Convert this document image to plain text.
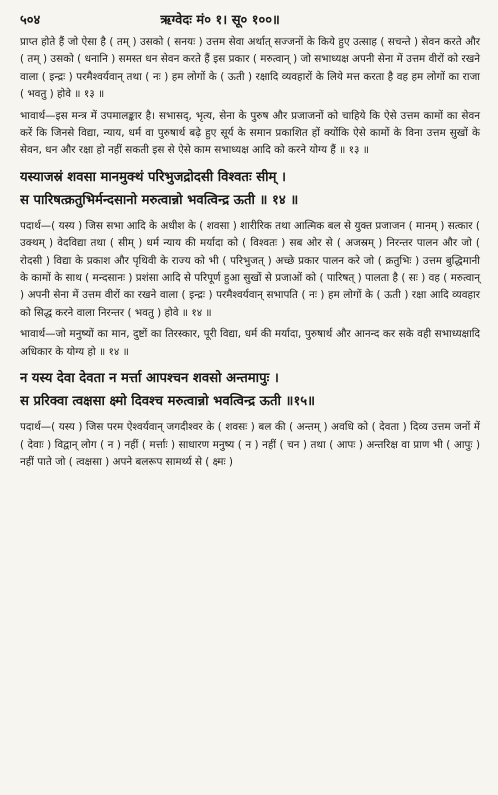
५०४	ऋग्वेदः मं० १। सू० १००॥

प्राप्त होते हैं जो ऐसा है ( तम् ) उसको ( सनयः ) उत्तम सेवा अर्थात् सज्जनों के किये हुए उत्साह ( सचन्ते ) सेवन करते और ( तम् ) उसको ( धनानि ) समस्त धन सेवन करते हैं इस प्रकार ( मरुत्वान् ) जो सभाध्यक्ष अपनी सेना में उत्तम वीरों को रखने वाला ( इन्द्रः ) परमैश्वर्यवान् तथा ( नः ) हम लोगों के ( ऊती ) रक्षादि व्यवहारों के लिये मत्त करता है वह हम लोगों का राजा ( भवतु ) होवे ॥ १३ ॥

भावार्थ—इस मन्त्र में उपमालङ्कार है। सभासद्, भृत्य, सेना के पुरुष और प्रजाजनों को चाहिये कि ऐसे उत्तम कामों का सेवन करें कि जिनसे विद्या, न्याय, धर्म वा पुरुषार्थ बढ़े हुए सूर्य के समान प्रकाशित हों क्योंकि ऐसे कामों के विना उत्तम सुखों के सेवन, धन और रक्षा हो नहीं सकती इस से ऐसे काम सभाध्यक्ष आदि को करने योग्य हैं ॥ १३ ॥

यस्याजस्रं शवसा मानमुक्थं परिभुजद्रोदसी विश्वतः सीम् ।
स पारिषत्क्रतुभिर्मन्दसानो मरुत्वान्नो भवत्विन्द्र ऊती ॥ १४ ॥

पदार्थ—( यस्य ) जिस सभा आदि के अधीश के ( शवसा ) शारीरिक तथा आत्मिक बल से युक्त प्रजाजन ( मानम् ) सत्कार ( उक्थम् ) वेदविद्या तथा ( सीम् ) धर्म न्याय की मर्यादा को ( विश्वतः ) सब ओर से ( अजस्रम् ) निरन्तर पालन और जो ( रोदसी ) विद्या के प्रकाश और पृथिवी के राज्य को भी ( परिभुजत् ) अच्छे प्रकार पालन करे जो ( क्रतुभिः ) उत्तम बुद्धिमानी के कामों के साथ ( मन्दसानः ) प्रशंसा आदि से परिपूर्ण हुआ सुखों से प्रजाओं को ( पारिषत् ) पालता है ( सः ) वह ( मरुत्वान् ) अपनी सेना में उत्तम वीरों का रखने वाला ( इन्द्रः ) परमैश्वर्यवान् सभापति ( नः ) हम लोगों के ( ऊती ) रक्षा आदि व्यवहार को सिद्ध करने वाला निरन्तर ( भवतु ) होवे ॥ १४ ॥

भावार्थ—जो मनुष्यों का मान, दुष्टों का तिरस्कार, पूरी विद्या, धर्म की मर्यादा, पुरुषार्थ और आनन्द कर सके वही सभाध्यक्षादि अधिकार के योग्य हो ॥ १४ ॥

न यस्य देवा देवता न मर्त्ता आपश्चन शवसो अन्तमापुः ।
स प्ररिक्वा त्वक्षसा क्ष्मो दिवश्च मरुत्वान्नो भवत्विन्द्र ऊती ॥१५॥

पदार्थ—( यस्य ) जिस परम ऐश्वर्यवान् जगदीश्वर के ( शवसः ) बल की ( अन्तम् ) अवधि को ( देवता ) दिव्य उत्तम जनों में ( देवाः ) विद्वान् लोग ( न ) नहीं ( मर्त्ताः ) साधारण मनुष्य ( न ) नहीं ( चन ) तथा ( आपः ) अन्तरिक्ष वा प्राण भी ( आपुः ) नहीं पाते जो ( त्वक्षसा ) अपने बलरूप सामर्थ्य से ( क्ष्मः )
